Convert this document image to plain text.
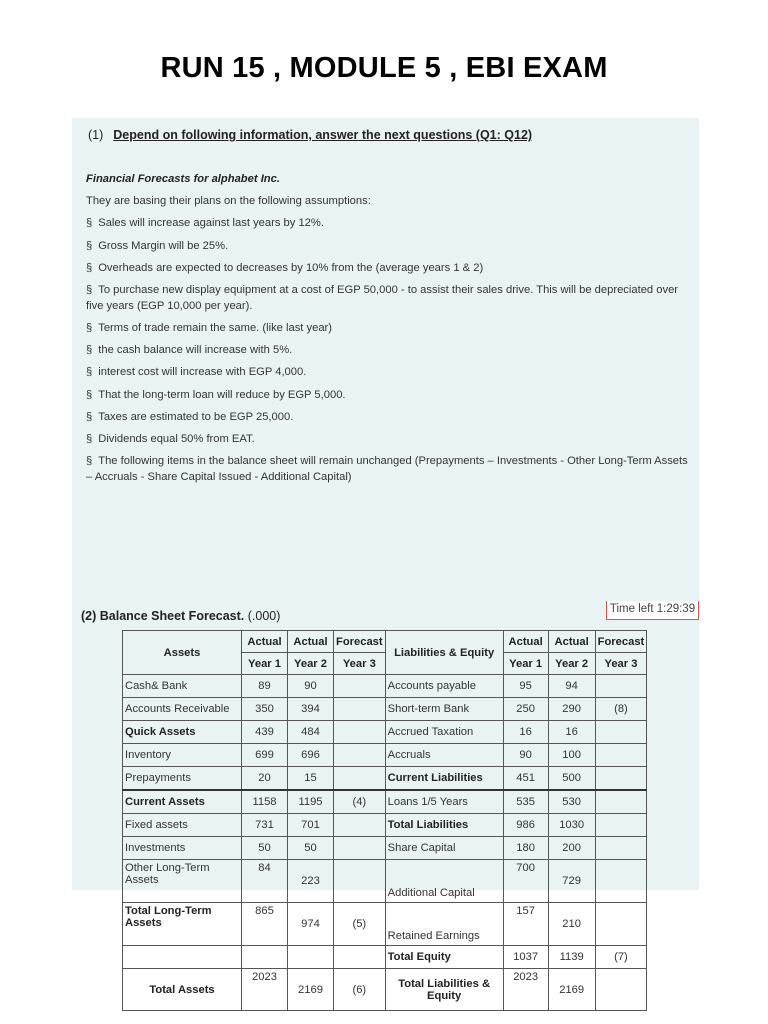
RUN 15 , MODULE 5 , EBI EXAM
(1) Depend on following information, answer the next questions (Q1: Q12)
Financial Forecasts for alphabet Inc.
They are basing their plans on the following assumptions:
§ Sales will increase against last years by 12%.
§ Gross Margin will be 25%.
§ Overheads are expected to decreases by 10% from the (average years 1 & 2)
§ To purchase new display equipment at a cost of EGP 50,000 - to assist their sales drive. This will be depreciated over five years (EGP 10,000 per year).
§ Terms of trade remain the same. (like last year)
§ the cash balance will increase with 5%.
§ interest cost will increase with EGP 4,000.
§ That the long-term loan will reduce by EGP 5,000.
§ Taxes are estimated to be EGP 25,000.
§ Dividends equal 50% from EAT.
§ The following items in the balance sheet will remain unchanged (Prepayments – Investments - Other Long-Term Assets – Accruals - Share Capital Issued - Additional Capital)
Time left 1:29:39
(2) Balance Sheet Forecast. (.000)
Assets	Actual	Actual	Forecast	Liabilities & Equity	Actual	Actual	Forecast
	Year 1	Year 2	Year 3		Year 1	Year 2	Year 3
Cash& Bank	89	90		Accounts payable	95	94	
Accounts Receivable	350	394		Short-term Bank	250	290	(8)
Quick Assets	439	484		Accrued Taxation	16	16	
Inventory	699	696		Accruals	90	100	
Prepayments	20	15		Current Liabilities	451	500	
Current Assets	1158	1195	(4)	Loans 1/5 Years	535	530	
Fixed assets	731	701		Total Liabilities	986	1030	
Investments	50	50		Share Capital	180	200	
Other Long-Term Assets	84	223		Additional Capital	700	729	
Total Long-Term Assets	865	974	(5)	Retained Earnings	157	210	
				Total Equity	1037	1139	(7)
Total Assets	2023	2169	(6)	Total Liabilities & Equity	2023	2169	
